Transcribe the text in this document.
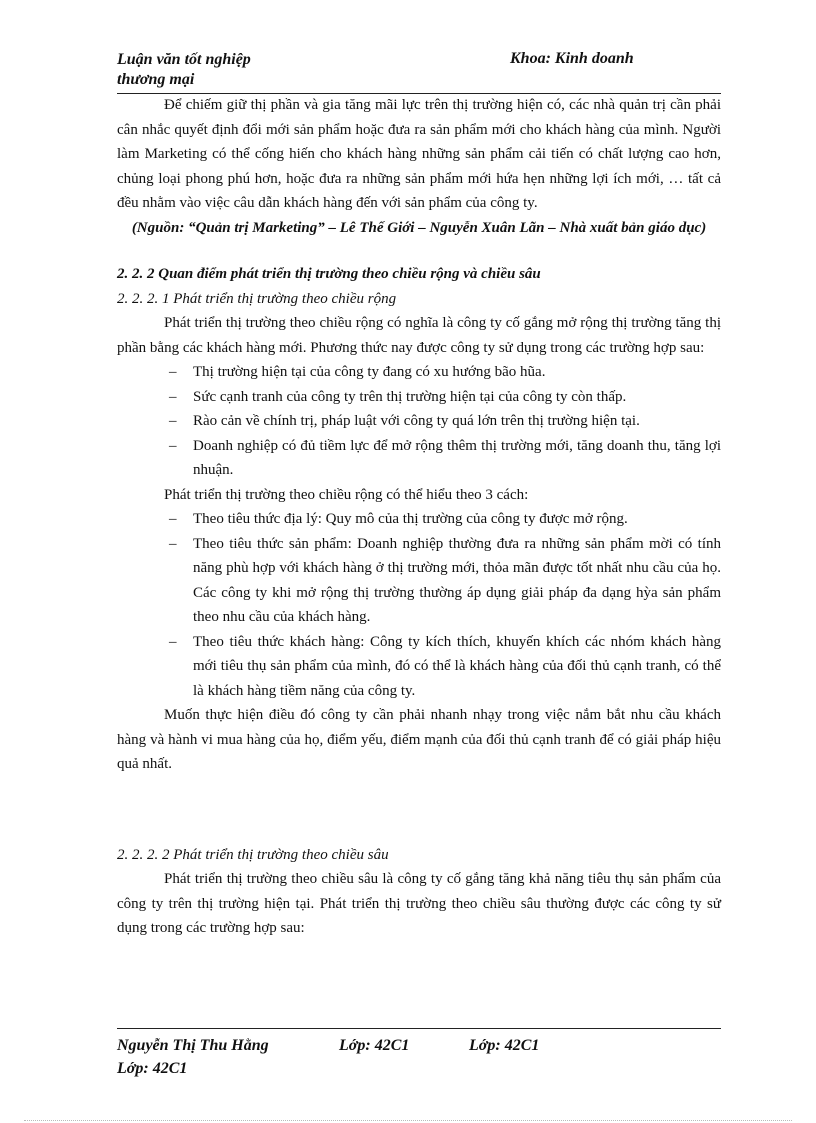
Luận văn tốt nghiệp
thương mại
Khoa: Kinh doanh

Để chiếm giữ thị phần và gia tăng mãi lực trên thị trường hiện có, các nhà quản trị cần phải cân nhắc quyết định đổi mới sản phẩm hoặc đưa ra sản phẩm mới cho khách hàng của mình. Người làm Marketing có thể cống hiến cho khách hàng những sản phẩm cải tiến có chất lượng cao hơn, chủng loại phong phú hơn, hoặc đưa ra những sản phẩm mới hứa hẹn những lợi ích mới, … tất cả đều nhằm vào việc câu dẫn khách hàng đến với sản phẩm của công ty.

(Nguồn: “Quản trị Marketing” – Lê Thế Giới – Nguyễn Xuân Lãn – Nhà xuất bản giáo dục)

2. 2. 2 Quan điểm phát triển thị trường theo chiều rộng và chiều sâu

2. 2. 2. 1 Phát triển thị trường theo chiều rộng

Phát triển thị trường theo chiều rộng có nghĩa là công ty cố gắng mở rộng thị trường tăng thị phần bằng các khách hàng mới. Phương thức nay được công ty sử dụng trong các trường hợp sau:

– Thị trường hiện tại của công ty đang có xu hướng bão hũa.
– Sức cạnh tranh của công ty trên thị trường hiện tại của công ty còn thấp.
– Rào cản về chính trị, pháp luật với công ty quá lớn trên thị trường hiện tại.
– Doanh nghiệp có đủ tiềm lực để mở rộng thêm thị trường mới, tăng doanh thu, tăng lợi nhuận.

Phát triển thị trường theo chiều rộng có thể hiểu theo 3 cách:

– Theo tiêu thức địa lý: Quy mô của thị trường của công ty được mở rộng.
– Theo tiêu thức sản phẩm: Doanh nghiệp thường đưa ra những sản phẩm mời có tính năng phù hợp với khách hàng ở thị trường mới, thỏa mãn được tốt nhất nhu cầu của họ. Các công ty khi mở rộng thị trường thường áp dụng giải pháp đa dạng hỳa sản phẩm theo nhu cầu của khách hàng.
– Theo tiêu thức khách hàng: Công ty kích thích, khuyến khích các nhóm khách hàng mới tiêu thụ sản phẩm của mình, đó có thể là khách hàng của đối thủ cạnh tranh, có thể là khách hàng tiềm năng của công ty.

Muốn thực hiện điều đó công ty cần phải nhanh nhạy trong việc nắm bắt nhu cầu khách hàng và hành vi mua hàng của họ, điểm yếu, điểm mạnh của đối thủ cạnh tranh để có giải pháp hiệu quả nhất.

2. 2. 2. 2 Phát triển thị trường theo chiều sâu

Phát triển thị trường theo chiều sâu là công ty cố gắng tăng khả năng tiêu thụ sản phẩm của công ty trên thị trường hiện tại. Phát triển thị trường theo chiều sâu thường được các công ty sử dụng trong các trường hợp sau:

Nguyễn Thị Thu Hằng	Lớp: 42C1	Lớp: 42C1
Lớp: 42C1
